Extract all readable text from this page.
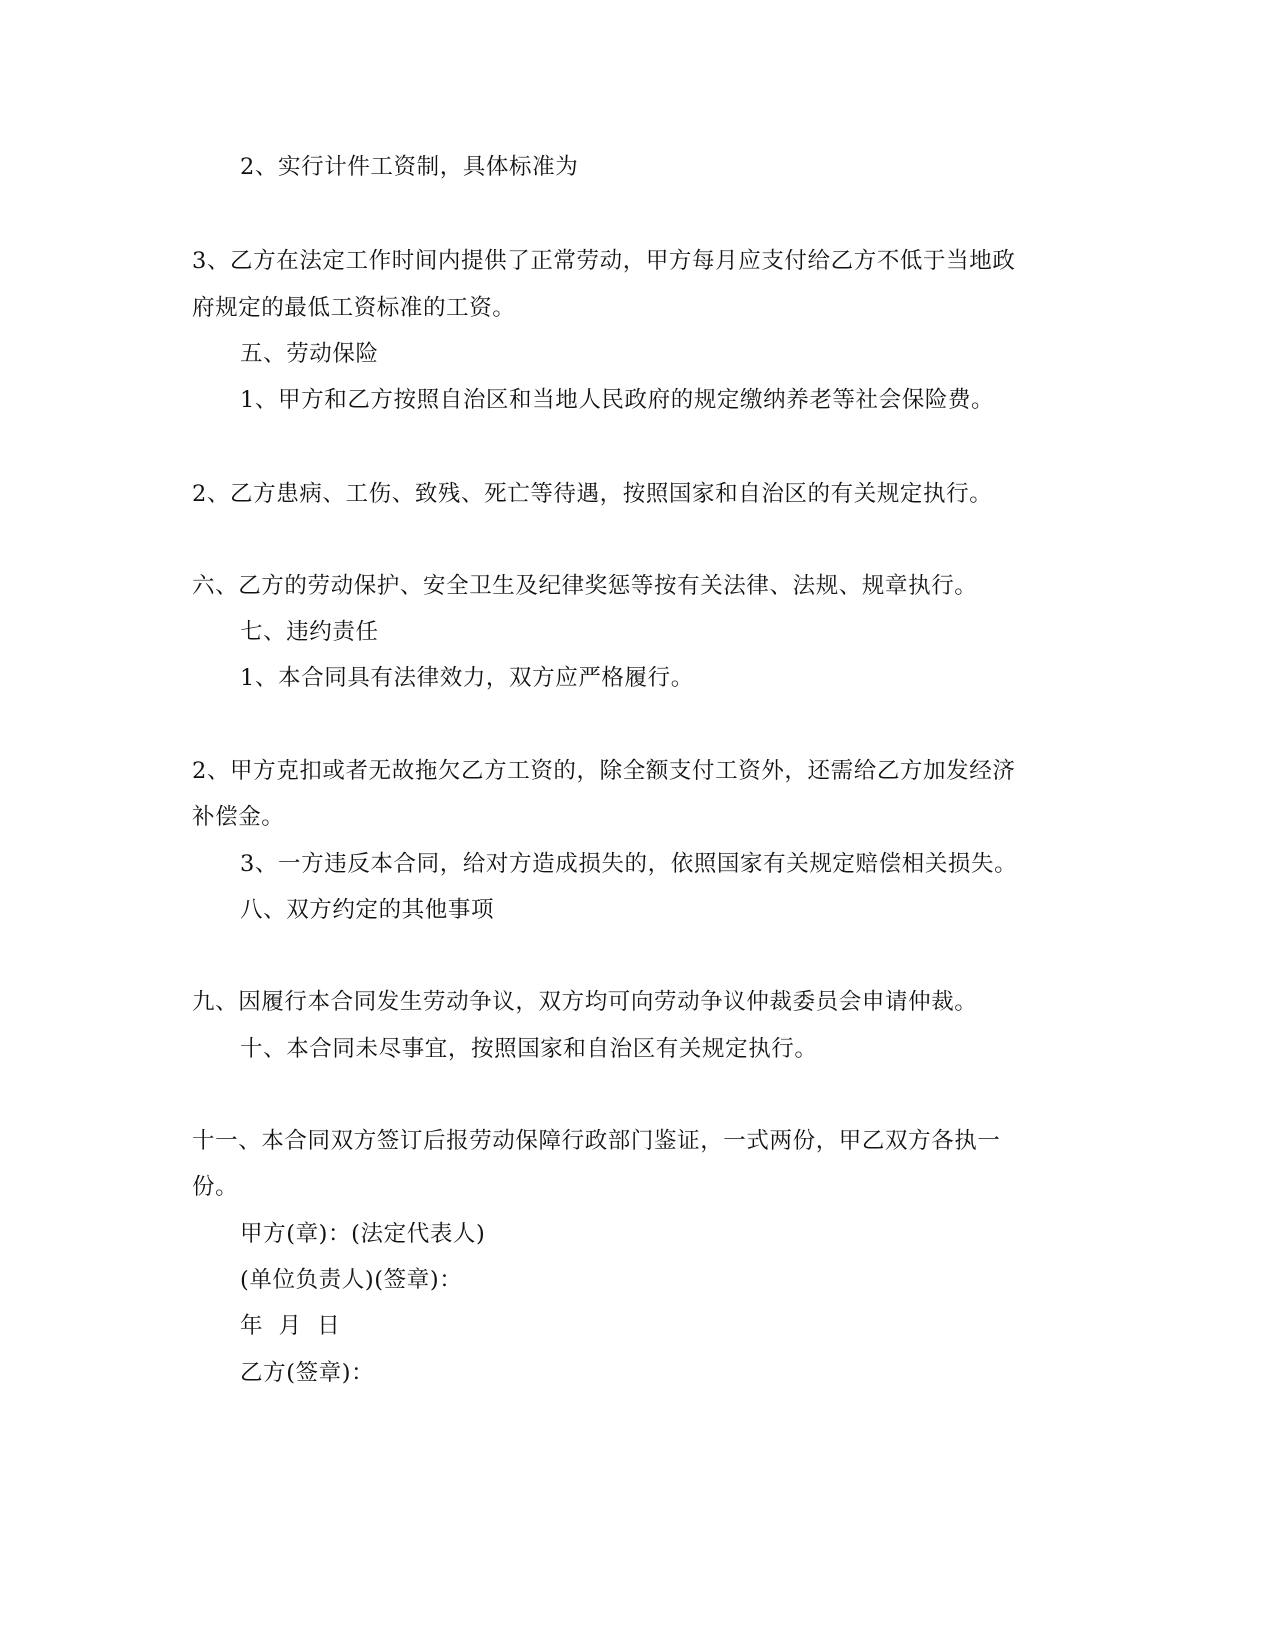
2、实行计件工资制，具体标准为
3、乙方在法定工作时间内提供了正常劳动，甲方每月应支付给乙方不低于当地政
府规定的最低工资标准的工资。
五、劳动保险
1、甲方和乙方按照自治区和当地人民政府的规定缴纳养老等社会保险费。
2、乙方患病、工伤、致残、死亡等待遇，按照国家和自治区的有关规定执行。
六、乙方的劳动保护、安全卫生及纪律奖惩等按有关法律、法规、规章执行。
七、违约责任
1、本合同具有法律效力，双方应严格履行。
2、甲方克扣或者无故拖欠乙方工资的，除全额支付工资外，还需给乙方加发经济
补偿金。
3、一方违反本合同，给对方造成损失的，依照国家有关规定赔偿相关损失。
八、双方约定的其他事项
九、因履行本合同发生劳动争议，双方均可向劳动争议仲裁委员会申请仲裁。
十、本合同未尽事宜，按照国家和自治区有关规定执行。
十一、本合同双方签订后报劳动保障行政部门鉴证，一式两份，甲乙双方各执一
份。
甲方(章)：(法定代表人)
(单位负责人)(签章)：
年  月  日
乙方(签章)：
